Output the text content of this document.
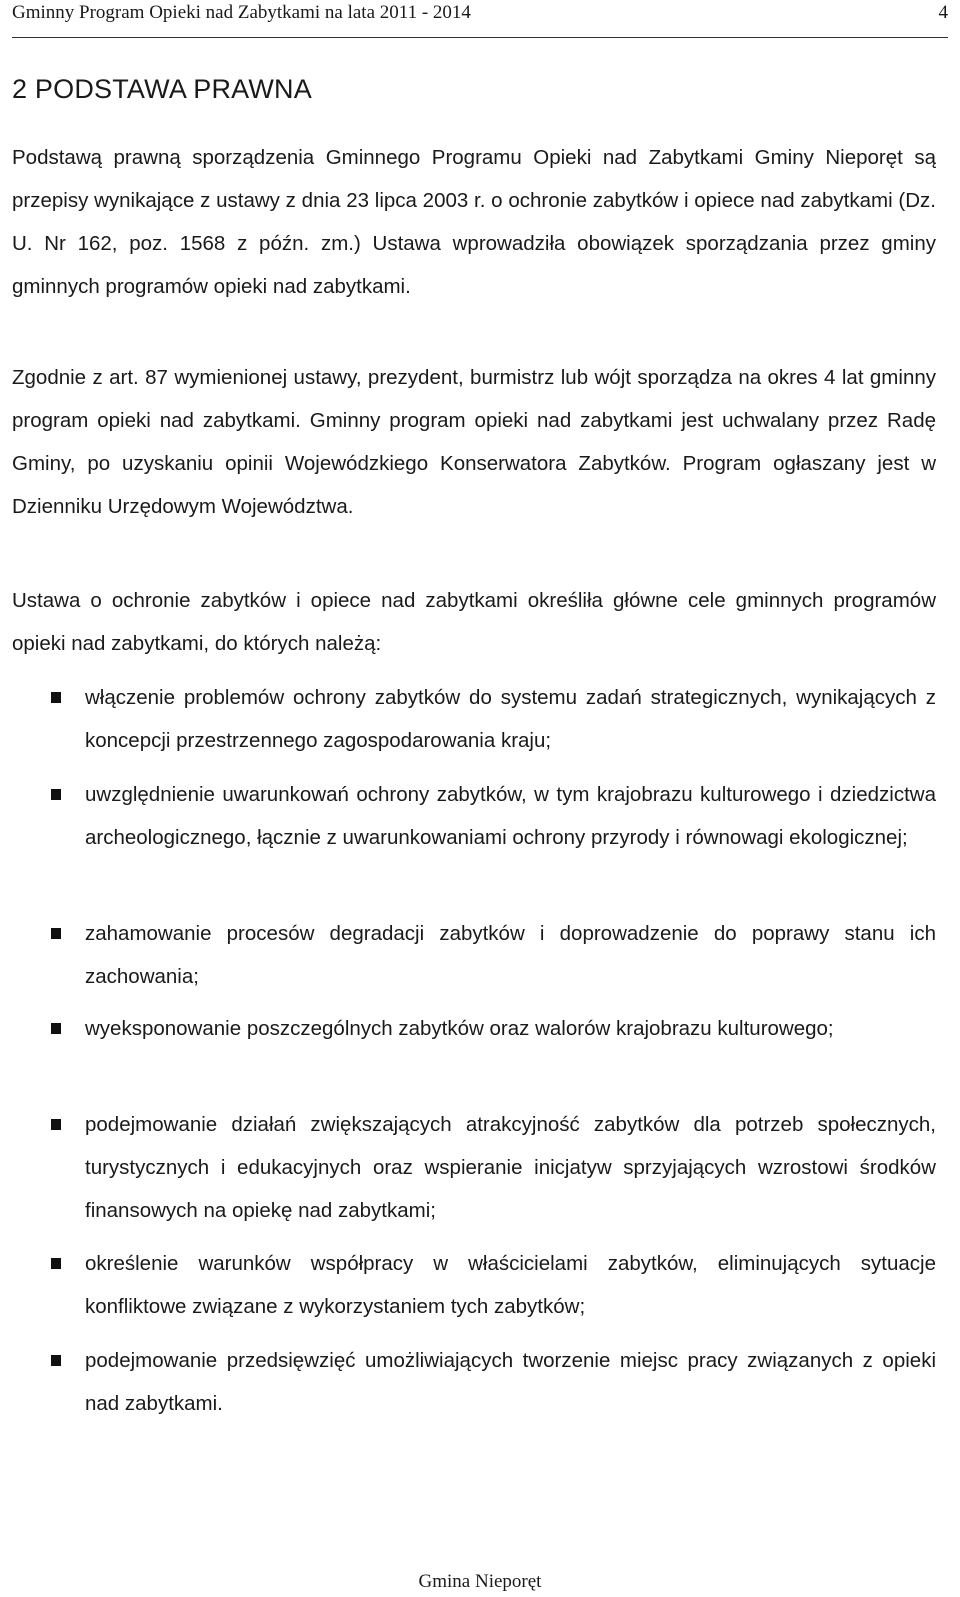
Gminny Program Opieki nad Zabytkami na lata 2011 - 2014	4
2 PODSTAWA PRAWNA

Podstawą prawną sporządzenia Gminnego Programu Opieki nad Zabytkami Gminy Nieporęt są przepisy wynikające z ustawy z dnia 23 lipca 2003 r. o ochronie zabytków i opiece nad zabytkami (Dz. U. Nr 162, poz. 1568 z późn. zm.) Ustawa wprowadziła obowiązek sporządzania przez gminy gminnych programów opieki nad zabytkami.

Zgodnie z art. 87 wymienionej ustawy, prezydent, burmistrz lub wójt sporządza na okres 4 lat gminny program opieki nad zabytkami. Gminny program opieki nad zabytkami jest uchwalany przez Radę Gminy, po uzyskaniu opinii Wojewódzkiego Konserwatora Zabytków. Program ogłaszany jest w Dzienniku Urzędowym Województwa.

Ustawa o ochronie zabytków i opiece nad zabytkami określiła główne cele gminnych programów opieki nad zabytkami, do których należą:

włączenie problemów ochrony zabytków do systemu zadań strategicznych, wynikających z koncepcji przestrzennego zagospodarowania kraju;
uwzględnienie uwarunkowań ochrony zabytków, w tym krajobrazu kulturowego i dziedzictwa archeologicznego, łącznie z uwarunkowaniami ochrony przyrody i równowagi ekologicznej;
zahamowanie procesów degradacji zabytków i doprowadzenie do poprawy stanu ich zachowania;
wyeksponowanie poszczególnych zabytków oraz walorów krajobrazu kulturowego;
podejmowanie działań zwiększających atrakcyjność zabytków dla potrzeb społecznych, turystycznych i edukacyjnych oraz wspieranie inicjatyw sprzyjających wzrostowi środków finansowych na opiekę nad zabytkami;
określenie warunków współpracy w właścicielami zabytków, eliminujących sytuacje konfliktowe związane z wykorzystaniem tych zabytków;
podejmowanie przedsięwzięć umożliwiających tworzenie miejsc pracy związanych z opieki nad zabytkami.
Gmina Nieporęt
